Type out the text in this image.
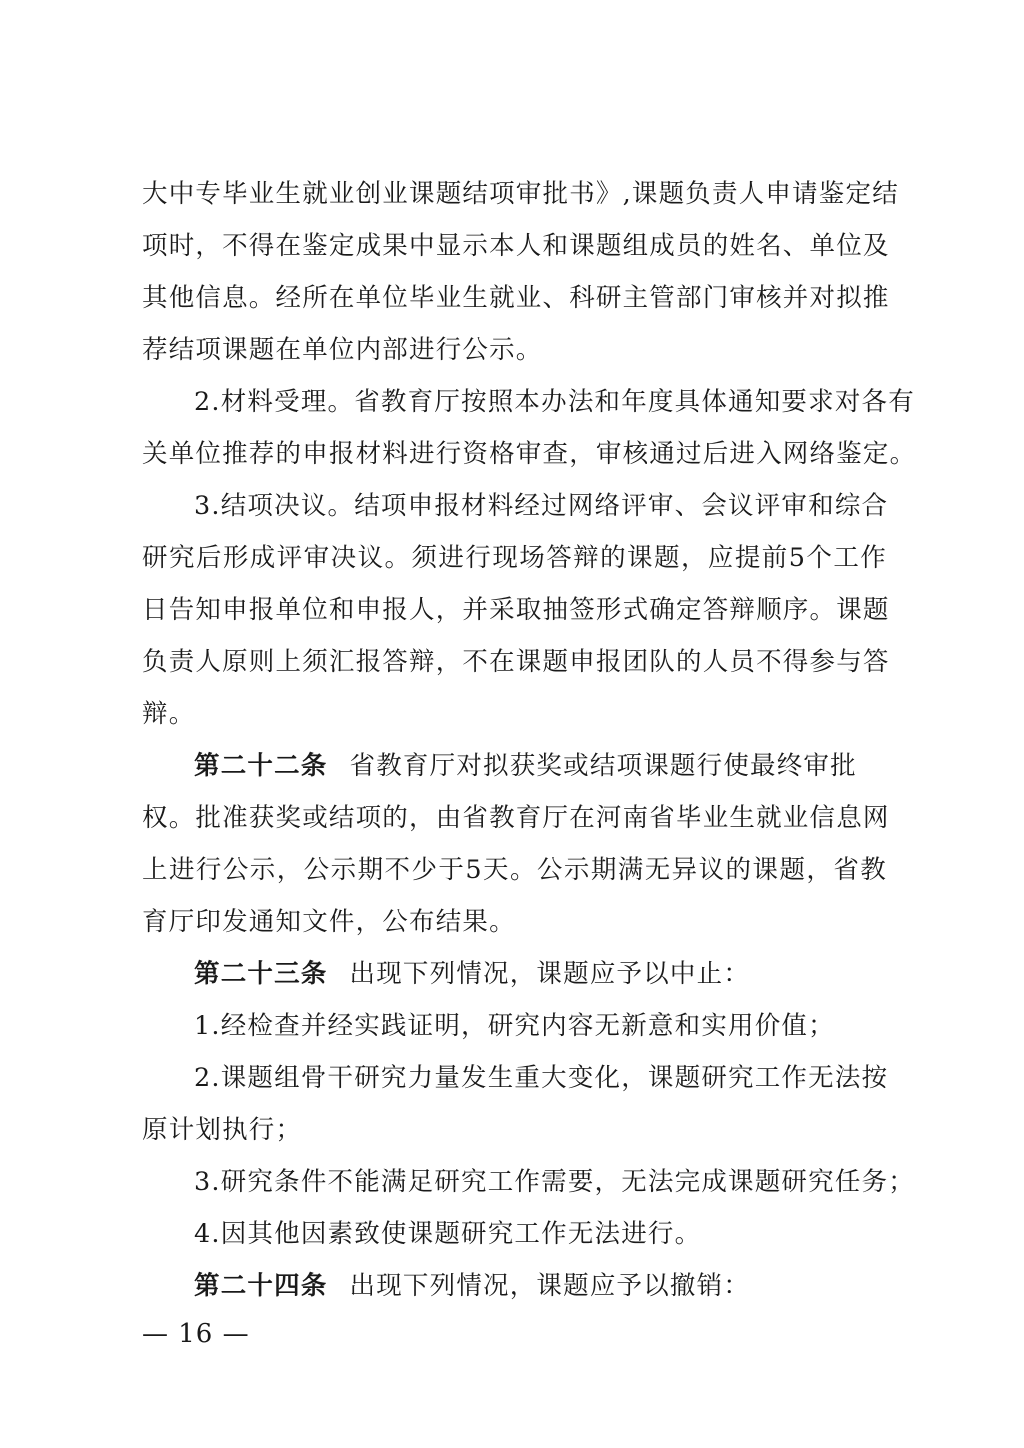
大中专毕业生就业创业课题结项审批书》,课题负责人申请鉴定结
项时，不得在鉴定成果中显示本人和课题组成员的姓名、单位及
其他信息。经所在单位毕业生就业、科研主管部门审核并对拟推
荐结项课题在单位内部进行公示。
2.材料受理。省教育厅按照本办法和年度具体通知要求对各有
关单位推荐的申报材料进行资格审查，审核通过后进入网络鉴定。
3.结项决议。结项申报材料经过网络评审、会议评审和综合
研究后形成评审决议。须进行现场答辩的课题，应提前5个工作
日告知申报单位和申报人，并采取抽签形式确定答辩顺序。课题
负责人原则上须汇报答辩，不在课题申报团队的人员不得参与答
辩。
第二十二条 省教育厅对拟获奖或结项课题行使最终审批
权。批准获奖或结项的，由省教育厅在河南省毕业生就业信息网
上进行公示，公示期不少于5天。公示期满无异议的课题，省教
育厅印发通知文件，公布结果。
第二十三条 出现下列情况，课题应予以中止：
1.经检查并经实践证明，研究内容无新意和实用价值；
2.课题组骨干研究力量发生重大变化，课题研究工作无法按
原计划执行；
3.研究条件不能满足研究工作需要，无法完成课题研究任务；
4.因其他因素致使课题研究工作无法进行。
第二十四条 出现下列情况，课题应予以撤销：
— 16 —
